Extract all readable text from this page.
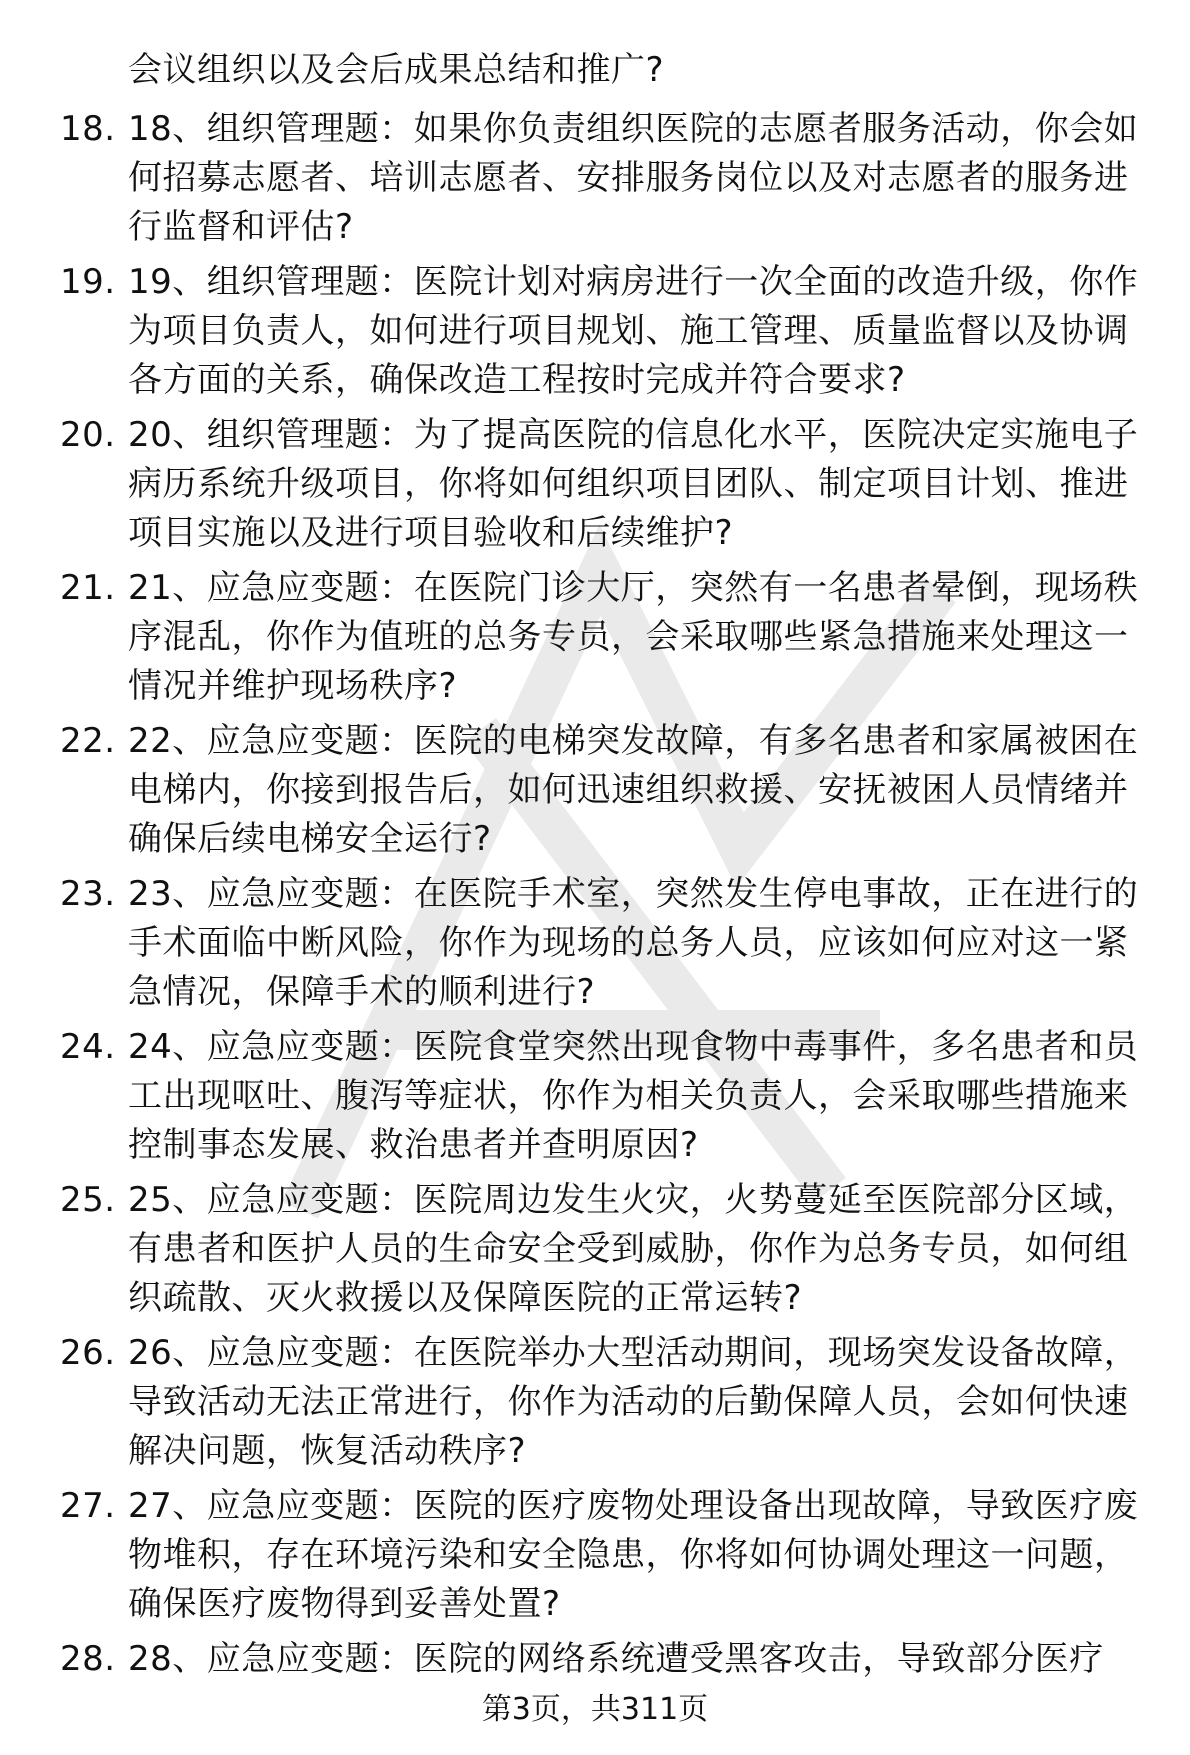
会议组织以及会后成果总结和推广?

18. 18、组织管理题：如果你负责组织医院的志愿者服务活动，你会如何招募志愿者、培训志愿者、安排服务岗位以及对志愿者的服务进行监督和评估?
19. 19、组织管理题：医院计划对病房进行一次全面的改造升级，你作为项目负责人，如何进行项目规划、施工管理、质量监督以及协调各方面的关系，确保改造工程按时完成并符合要求?
20. 20、组织管理题：为了提高医院的信息化水平，医院决定实施电子病历系统升级项目，你将如何组织项目团队、制定项目计划、推进项目实施以及进行项目验收和后续维护?
21. 21、应急应变题：在医院门诊大厅，突然有一名患者晕倒，现场秩序混乱，你作为值班的总务专员，会采取哪些紧急措施来处理这一情况并维护现场秩序?
22. 22、应急应变题：医院的电梯突发故障，有多名患者和家属被困在电梯内，你接到报告后，如何迅速组织救援、安抚被困人员情绪并确保后续电梯安全运行?
23. 23、应急应变题：在医院手术室，突然发生停电事故，正在进行的手术面临中断风险，你作为现场的总务人员，应该如何应对这一紧急情况，保障手术的顺利进行?
24. 24、应急应变题：医院食堂突然出现食物中毒事件，多名患者和员工出现呕吐、腹泻等症状，你作为相关负责人，会采取哪些措施来控制事态发展、救治患者并查明原因?
25. 25、应急应变题：医院周边发生火灾，火势蔓延至医院部分区域，有患者和医护人员的生命安全受到威胁，你作为总务专员，如何组织疏散、灭火救援以及保障医院的正常运转?
26. 26、应急应变题：在医院举办大型活动期间，现场突发设备故障，导致活动无法正常进行，你作为活动的后勤保障人员，会如何快速解决问题，恢复活动秩序?
27. 27、应急应变题：医院的医疗废物处理设备出现故障，导致医疗废物堆积，存在环境污染和安全隐患，你将如何协调处理这一问题，确保医疗废物得到妥善处置?
28. 28、应急应变题：医院的网络系统遭受黑客攻击，导致部分医疗
第3页，共311页
